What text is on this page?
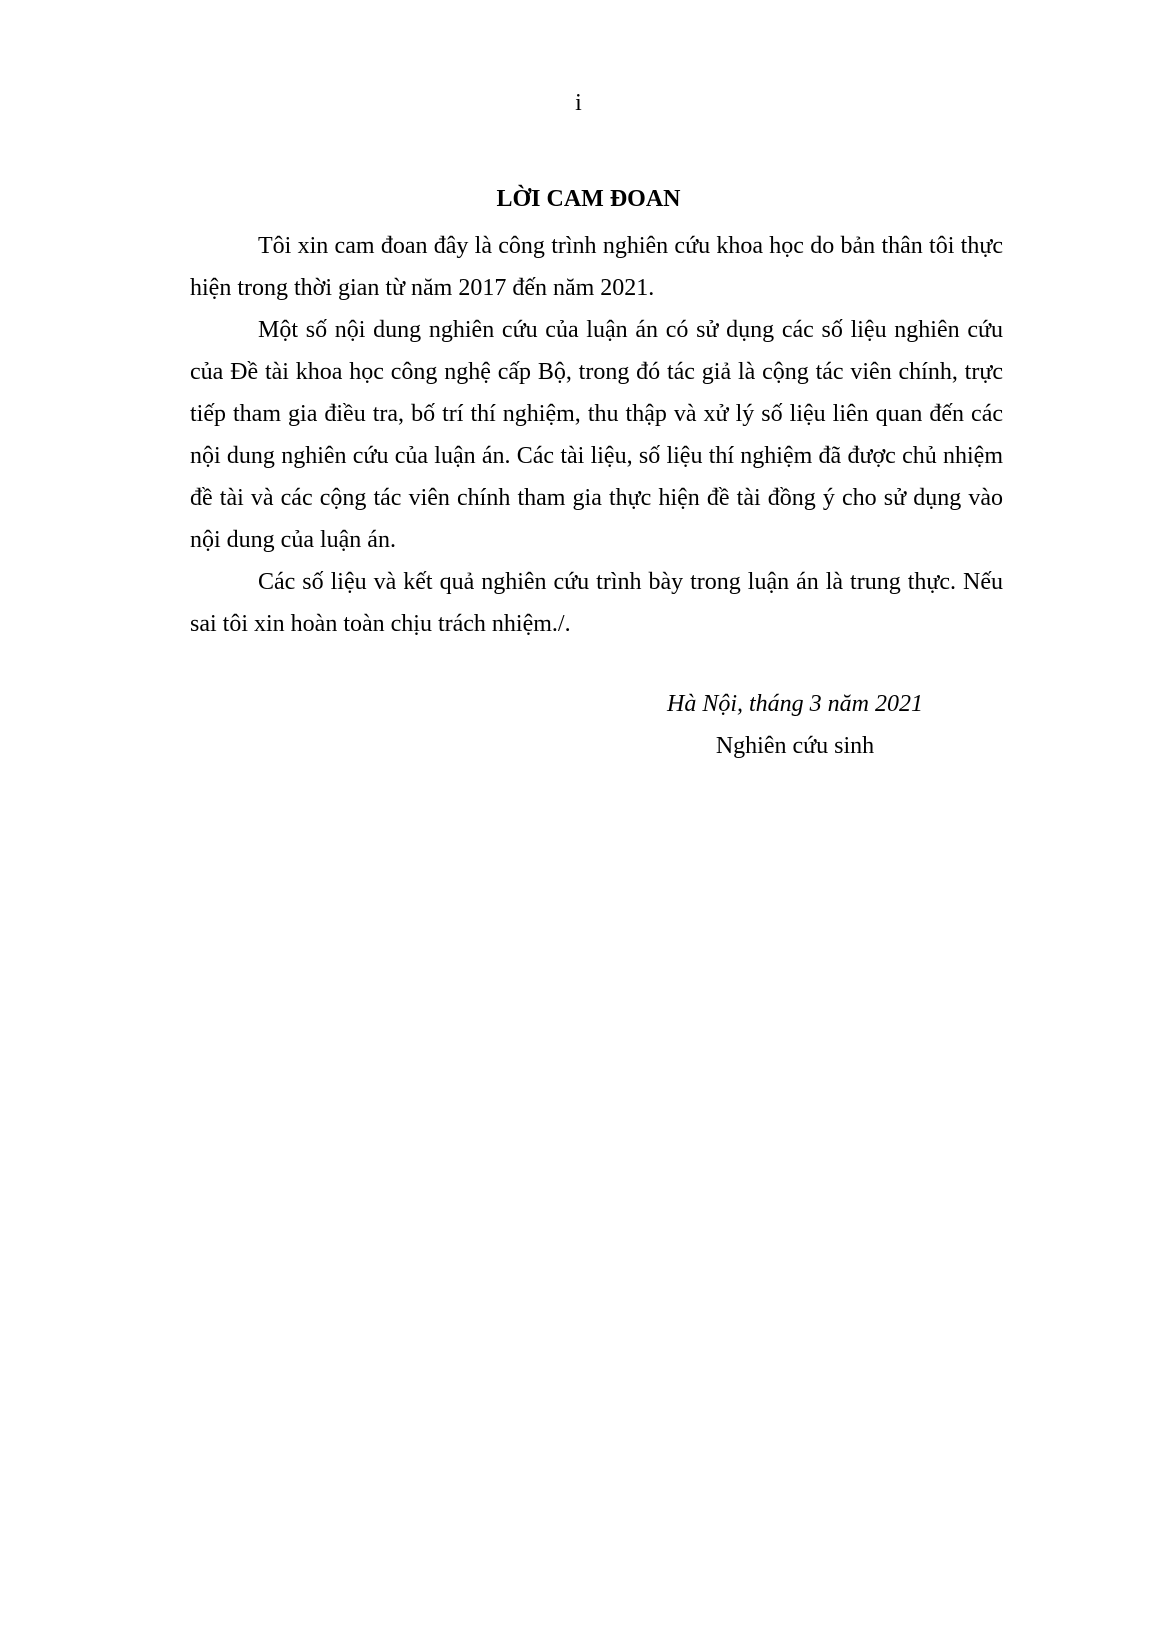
i
LỜI CAM ĐOAN

Tôi xin cam đoan đây là công trình nghiên cứu khoa học do bản thân tôi thực hiện trong thời gian từ năm 2017 đến năm 2021.

Một số nội dung nghiên cứu của luận án có sử dụng các số liệu nghiên cứu của Đề tài khoa học công nghệ cấp Bộ, trong đó tác giả là cộng tác viên chính, trực tiếp tham gia điều tra, bố trí thí nghiệm, thu thập và xử lý số liệu liên quan đến các nội dung nghiên cứu của luận án. Các tài liệu, số liệu thí nghiệm đã được chủ nhiệm đề tài và các cộng tác viên chính tham gia thực hiện đề tài đồng ý cho sử dụng vào nội dung của luận án.

Các số liệu và kết quả nghiên cứu trình bày trong luận án là trung thực. Nếu sai tôi xin hoàn toàn chịu trách nhiệm./.

Hà Nội, tháng 3 năm 2021
Nghiên cứu sinh
